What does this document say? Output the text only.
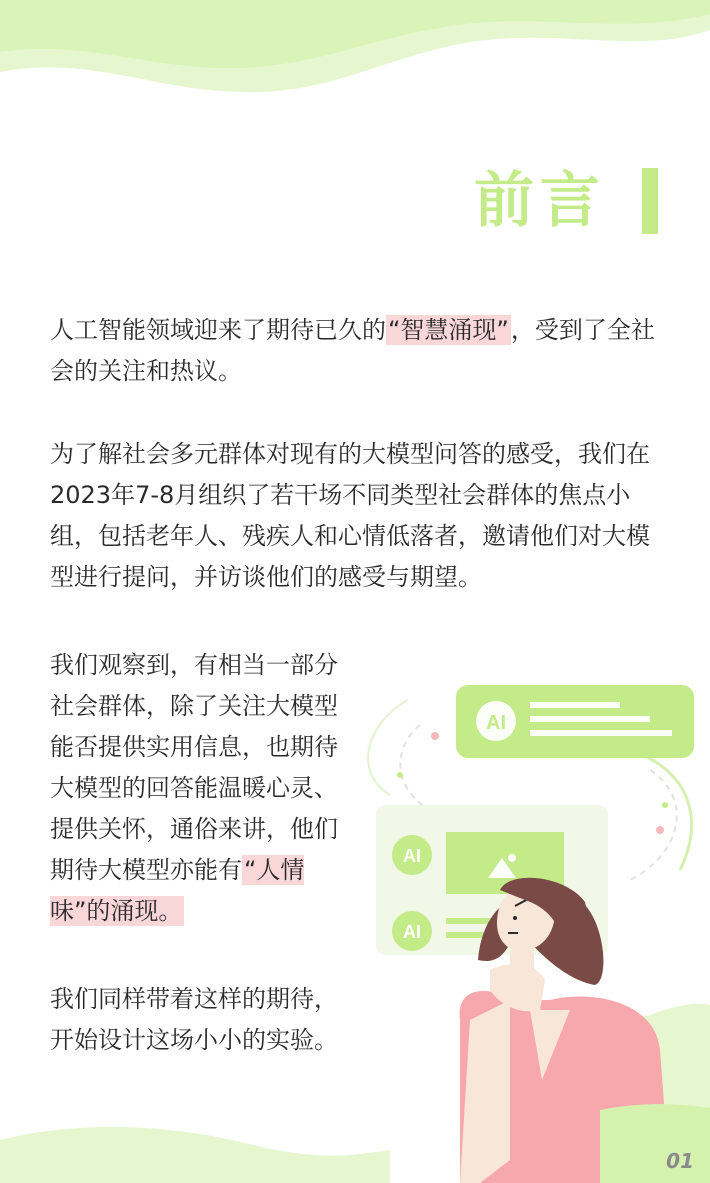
前言

人工智能领域迎来了期待已久的“智慧涌现”，受到了全社会的关注和热议。

为了解社会多元群体对现有的大模型问答的感受，我们在2023年7-8月组织了若干场不同类型社会群体的焦点小组，包括老年人、残疾人和心情低落者，邀请他们对大模型进行提问，并访谈他们的感受与期望。

我们观察到，有相当一部分社会群体，除了关注大模型能否提供实用信息，也期待大模型的回答能温暖心灵、提供关怀，通俗来讲，他们期待大模型亦能有“人情味”的涌现。

我们同样带着这样的期待，开始设计这场小小的实验。

AI
AI
AI
01
